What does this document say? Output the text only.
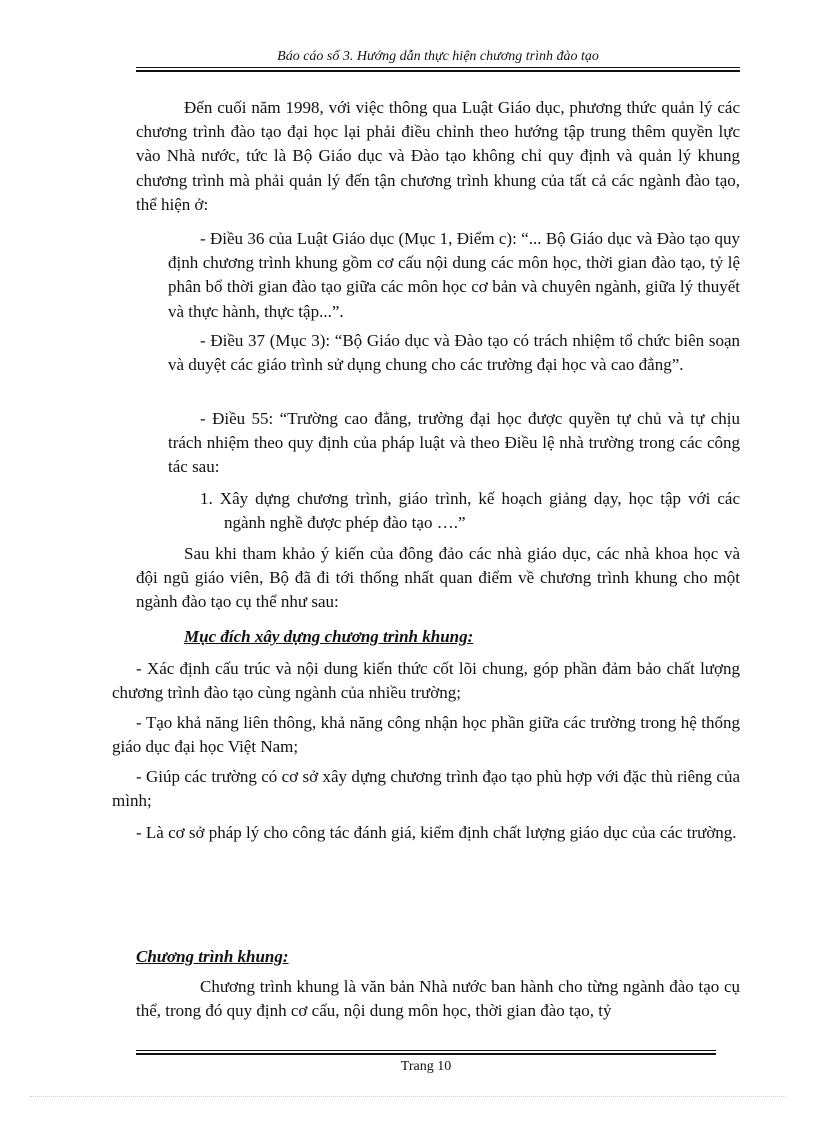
Báo cáo số 3. Hướng dẫn thực hiện chương trình đào tạo

Đến cuối năm 1998, với việc thông qua Luật Giáo dục, phương thức quản lý các chương trình đào tạo đại học lại phải điều chỉnh theo hướng tập trung thêm quyền lực vào Nhà nước, tức là Bộ Giáo dục và Đào tạo không chỉ quy định và quản lý khung chương trình mà phải quản lý đến tận chương trình khung của tất cả các ngành đào tạo, thể hiện ở:

- Điều 36 của Luật Giáo dục (Mục 1, Điểm c): “... Bộ Giáo dục và Đào tạo quy định chương trình khung gồm cơ cấu nội dung các môn học, thời gian đào tạo, tỷ lệ phân bổ thời gian đào tạo giữa các môn học cơ bản và chuyên ngành, giữa lý thuyết và thực hành, thực tập...”.

- Điều 37 (Mục 3): “Bộ Giáo dục và Đào tạo có trách nhiệm tổ chức biên soạn và duyệt các giáo trình sử dụng chung cho các trường đại học và cao đẳng”.

- Điều 55: “Trường cao đẳng, trường đại học được quyền tự chủ và tự chịu trách nhiệm theo quy định của pháp luật và theo Điều lệ nhà trường trong các công tác sau:

1. Xây dựng chương trình, giáo trình, kế hoạch giảng dạy, học tập với các ngành nghề được phép đào tạo ….”

Sau khi tham khảo ý kiến của đông đảo các nhà giáo dục, các nhà khoa học và đội ngũ giáo viên, Bộ đã đi tới thống nhất quan điểm về chương trình khung cho một ngành đào tạo cụ thể như sau:

Mục đích xây dựng chương trình khung:

- Xác định cấu trúc và nội dung kiến thức cốt lõi chung, góp phần đảm bảo chất lượng chương trình đào tạo cùng ngành của nhiều trường;

- Tạo khả năng liên thông, khả năng công nhận học phần giữa các trường trong hệ thống giáo dục đại học Việt Nam;

- Giúp các trường có cơ sở xây dựng chương trình đạo tạo phù hợp với đặc thù riêng của mình;

- Là cơ sở pháp lý cho công tác đánh giá, kiểm định chất lượng giáo dục của các trường.

Chương trình khung:

Chương trình khung là văn bản Nhà nước ban hành cho từng ngành đào tạo cụ thể, trong đó quy định cơ cấu, nội dung môn học, thời gian đào tạo, tỷ

Trang 10
